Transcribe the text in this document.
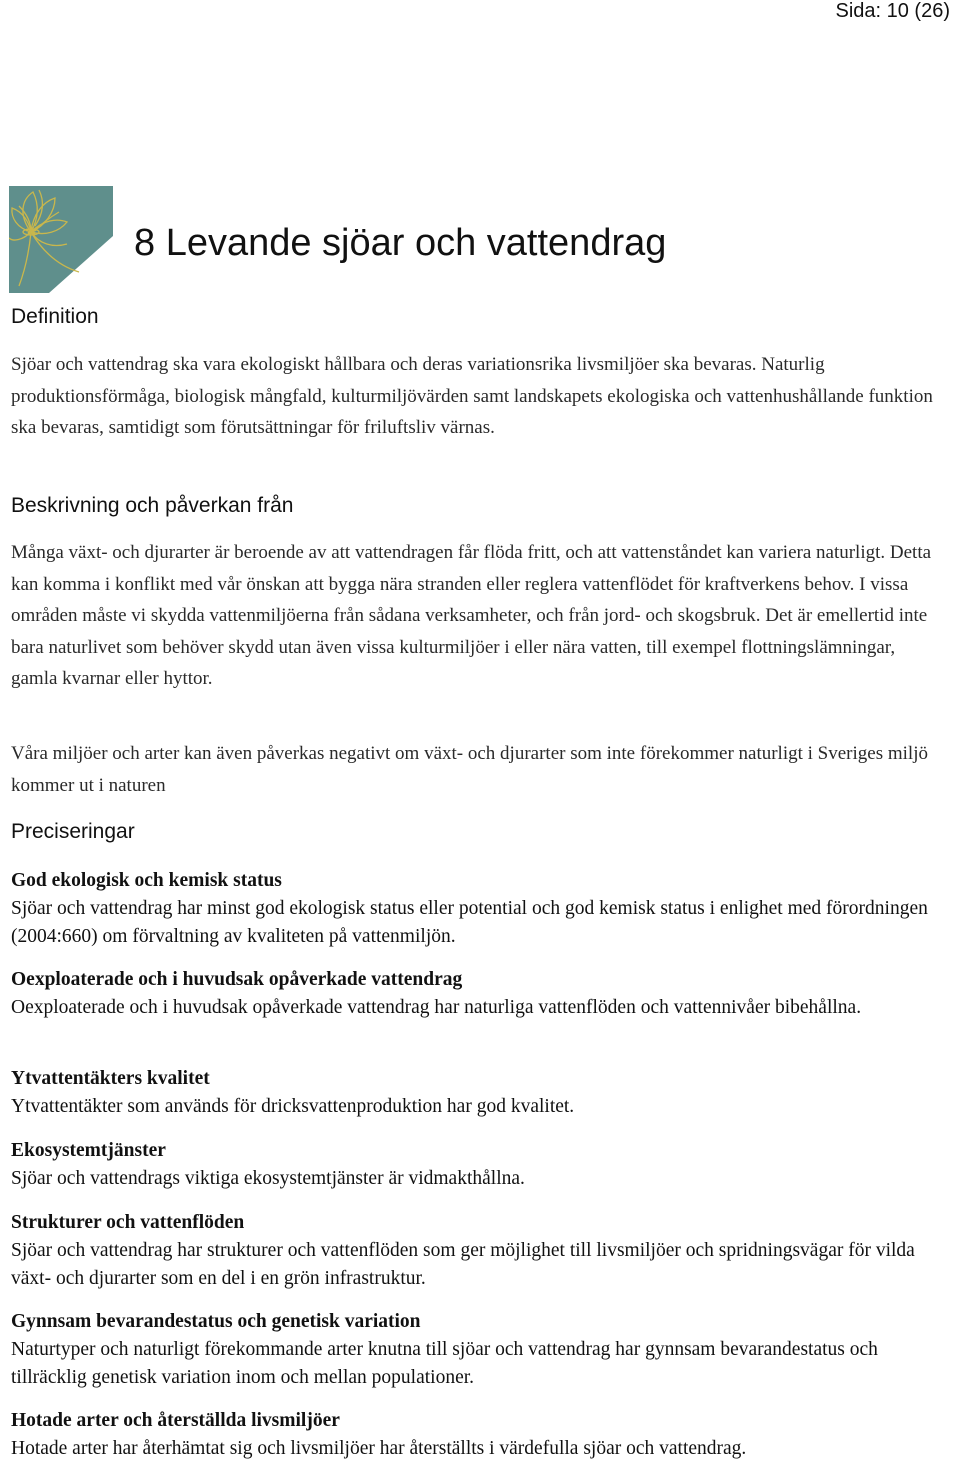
Sida: 10 (26)
8 Levande sjöar och vattendrag
Definition

Sjöar och vattendrag ska vara ekologiskt hållbara och deras variationsrika livsmiljöer ska bevaras. Naturlig produktionsförmåga, biologisk mångfald, kulturmiljövärden samt landskapets ekologiska och vattenhushållande funktion ska bevaras, samtidigt som förutsättningar för friluftsliv värnas.

Beskrivning och påverkan från

Många växt- och djurarter är beroende av att vattendragen får flöda fritt, och att vattenståndet kan variera naturligt. Detta kan komma i konflikt med vår önskan att bygga nära stranden eller reglera vattenflödet för kraftverkens behov. I vissa områden måste vi skydda vattenmiljöerna från sådana verksamheter, och från jord- och skogsbruk. Det är emellertid inte bara naturlivet som behöver skydd utan även vissa kulturmiljöer i eller nära vatten, till exempel flottningslämningar, gamla kvarnar eller hyttor.

Våra miljöer och arter kan även påverkas negativt om växt- och djurarter som inte förekommer naturligt i Sveriges miljö kommer ut i naturen

Preciseringar

God ekologisk och kemisk status

Sjöar och vattendrag har minst god ekologisk status eller potential och god kemisk status i enlighet med förordningen (2004:660) om förvaltning av kvaliteten på vattenmiljön.

Oexploaterade och i huvudsak opåverkade vattendrag

Oexploaterade och i huvudsak opåverkade vattendrag har naturliga vattenflöden och vattennivåer bibehållna.

Ytvattentäkters kvalitet

Ytvattentäkter som används för dricksvattenproduktion har god kvalitet.

Ekosystemtjänster

Sjöar och vattendrags viktiga ekosystemtjänster är vidmakthållna.

Strukturer och vattenflöden

Sjöar och vattendrag har strukturer och vattenflöden som ger möjlighet till livsmiljöer och spridningsvägar för vilda växt- och djurarter som en del i en grön infrastruktur.

Gynnsam bevarandestatus och genetisk variation

Naturtyper och naturligt förekommande arter knutna till sjöar och vattendrag har gynnsam bevarandestatus och tillräcklig genetisk variation inom och mellan populationer.

Hotade arter och återställda livsmiljöer

Hotade arter har återhämtat sig och livsmiljöer har återställts i värdefulla sjöar och vattendrag.
